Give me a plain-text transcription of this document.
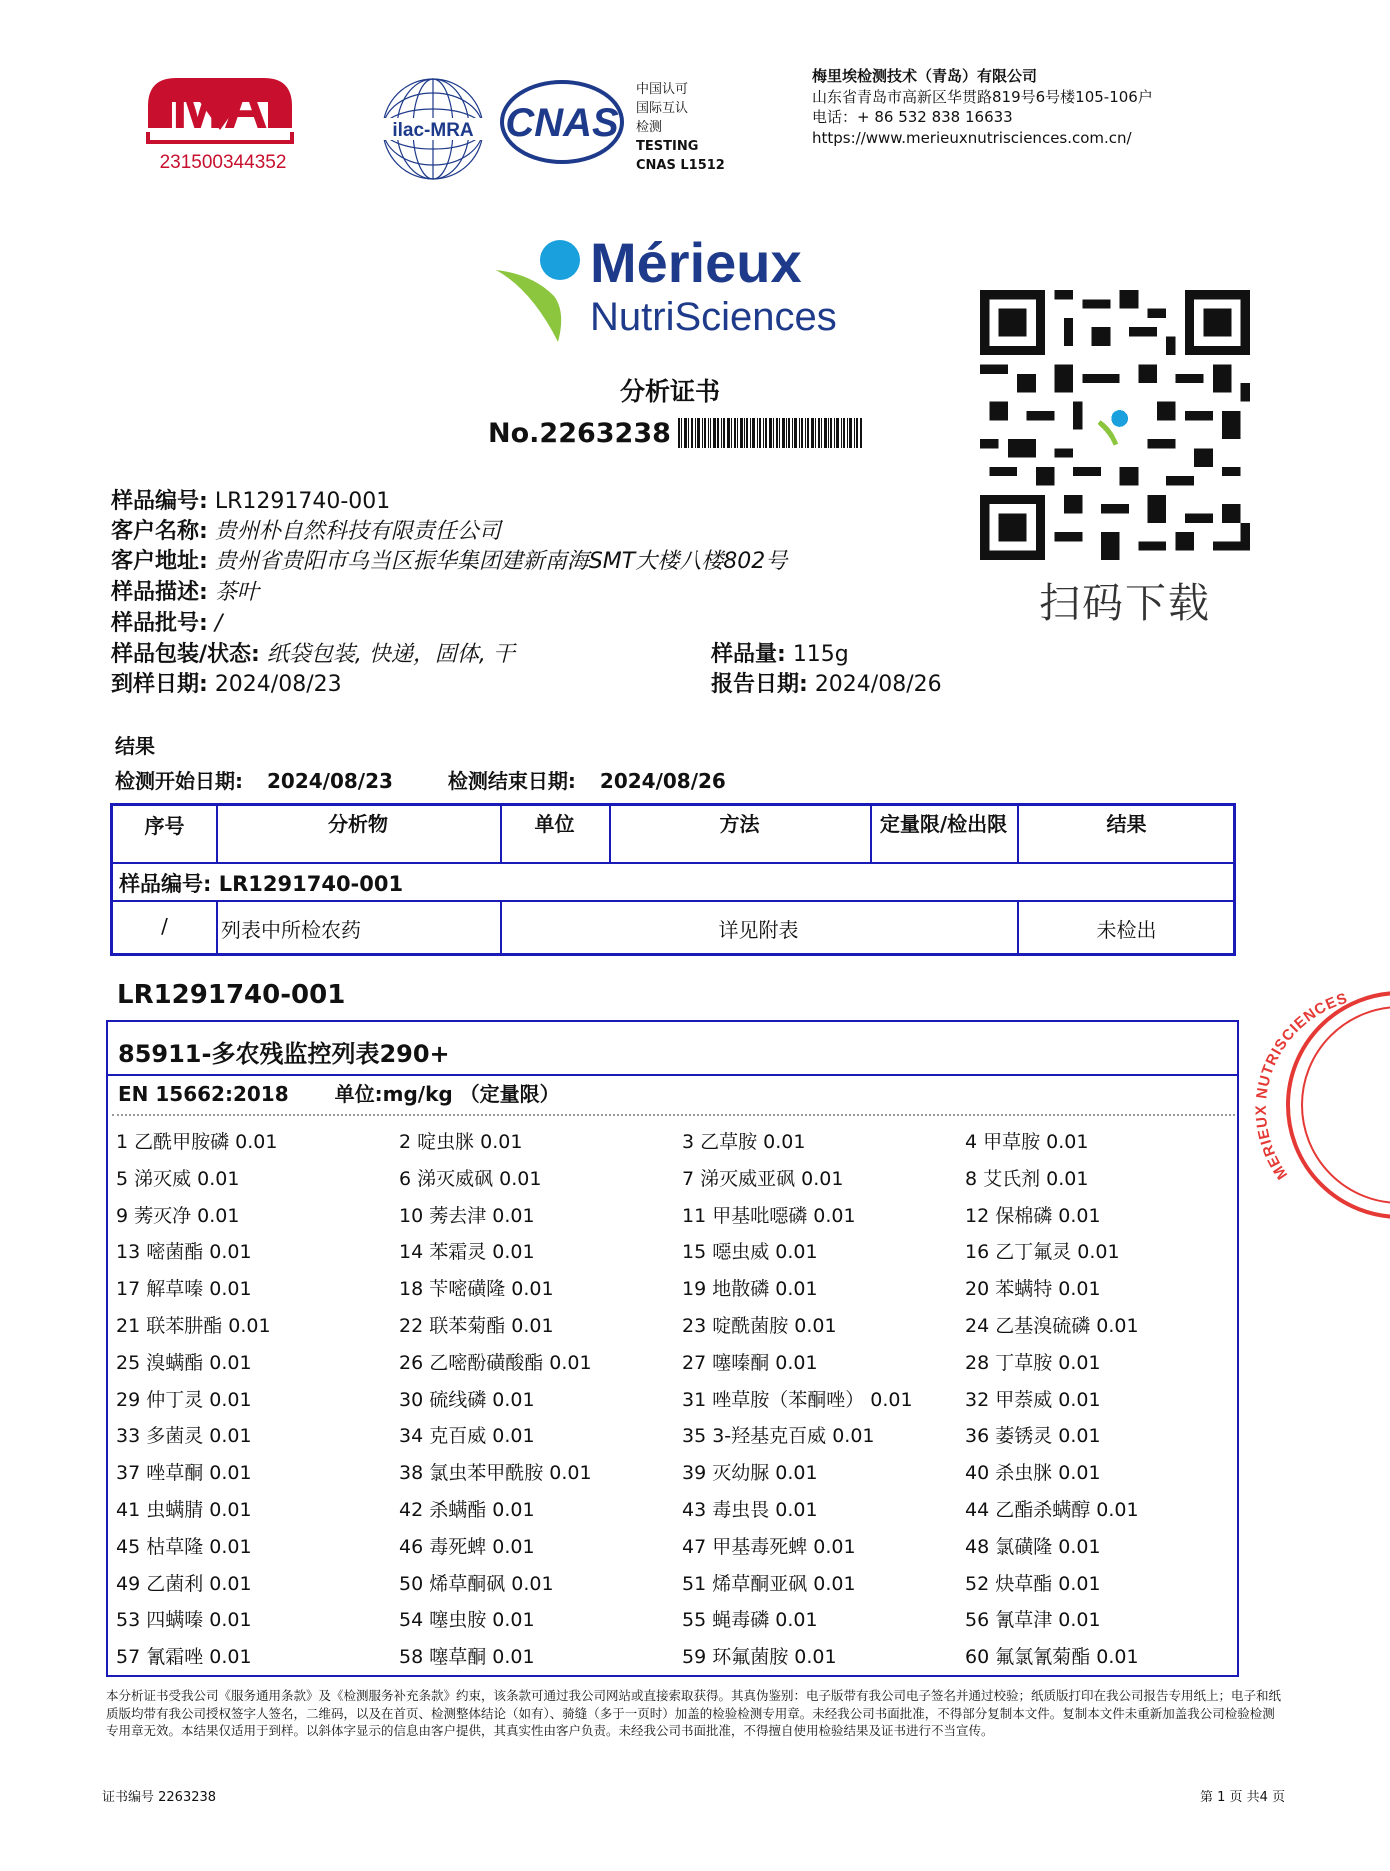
MA
231500344352
ilac-MRA CNAS
中国认可
国际互认
检测
TESTING
CNAS L1512
梅里埃检测技术（青岛）有限公司
山东省青岛市高新区华贯路819号6号楼105-106户
电话：+ 86 532 838 16633
https://www.merieuxnutrisciences.com.cn/
Mérieux
NutriSciences
扫码下载
分析证书
No.2263238
样品编号: LR1291740-001
客户名称: 贵州朴自然科技有限责任公司
客户地址: 贵州省贵阳市乌当区振华集团建新南海SMT大楼八楼802号
样品描述: 茶叶
样品批号: /
样品包装/状态: 纸袋包装, 快递，固体, 干
到样日期: 2024/08/23
样品量: 115g
报告日期: 2024/08/26
结果
检测开始日期: 2024/08/23	检测结束日期: 2024/08/26
序号	分析物	单位	方法	定量限/检出限	结果
样品编号: LR1291740-001
/	列表中所检农药	详见附表	未检出
LR1291740-001
85911-多农残监控列表290+
EN 15662:2018 单位:mg/kg （定量限）
1 乙酰甲胺磷 0.01	2 啶虫脒 0.01	3 乙草胺 0.01	4 甲草胺 0.01
5 涕灭威 0.01	6 涕灭威砜 0.01	7 涕灭威亚砜 0.01	8 艾氏剂 0.01
9 莠灭净 0.01	10 莠去津 0.01	11 甲基吡噁磷 0.01	12 保棉磷 0.01
13 嘧菌酯 0.01	14 苯霜灵 0.01	15 噁虫威 0.01	16 乙丁氟灵 0.01
17 解草嗪 0.01	18 苄嘧磺隆 0.01	19 地散磷 0.01	20 苯螨特 0.01
21 联苯肼酯 0.01	22 联苯菊酯 0.01	23 啶酰菌胺 0.01	24 乙基溴硫磷 0.01
25 溴螨酯 0.01	26 乙嘧酚磺酸酯 0.01	27 噻嗪酮 0.01	28 丁草胺 0.01
29 仲丁灵 0.01	30 硫线磷 0.01	31 唑草胺（苯酮唑） 0.01	32 甲萘威 0.01
33 多菌灵 0.01	34 克百威 0.01	35 3-羟基克百威 0.01	36 萎锈灵 0.01
37 唑草酮 0.01	38 氯虫苯甲酰胺 0.01	39 灭幼脲 0.01	40 杀虫脒 0.01
41 虫螨腈 0.01	42 杀螨酯 0.01	43 毒虫畏 0.01	44 乙酯杀螨醇 0.01
45 枯草隆 0.01	46 毒死蜱 0.01	47 甲基毒死蜱 0.01	48 氯磺隆 0.01
49 乙菌利 0.01	50 烯草酮砜 0.01	51 烯草酮亚砜 0.01	52 炔草酯 0.01
53 四螨嗪 0.01	54 噻虫胺 0.01	55 蝇毒磷 0.01	56 氰草津 0.01
57 氰霜唑 0.01	58 噻草酮 0.01	59 环氟菌胺 0.01	60 氟氯氰菊酯 0.01
MERIEUX NUTRISCIENCES
本分析证书受我公司《服务通用条款》及《检测服务补充条款》约束，该条款可通过我公司网站或直接索取获得。其真伪鉴别：电子版带有我公司电子签名并通过校验；纸质版打印在我公司报告专用纸上；电子和纸质版均带有我公司授权签字人签名，二维码，以及在首页、检测整体结论（如有）、骑缝（多于一页时）加盖的检验检测专用章。未经我公司书面批准，不得部分复制本文件。复制本文件未重新加盖我公司检验检测专用章无效。本结果仅适用于到样。以斜体字显示的信息由客户提供，其真实性由客户负责。未经我公司书面批准，不得擅自使用检验结果及证书进行不当宣传。
证书编号 2263238	第 1 页 共4 页
